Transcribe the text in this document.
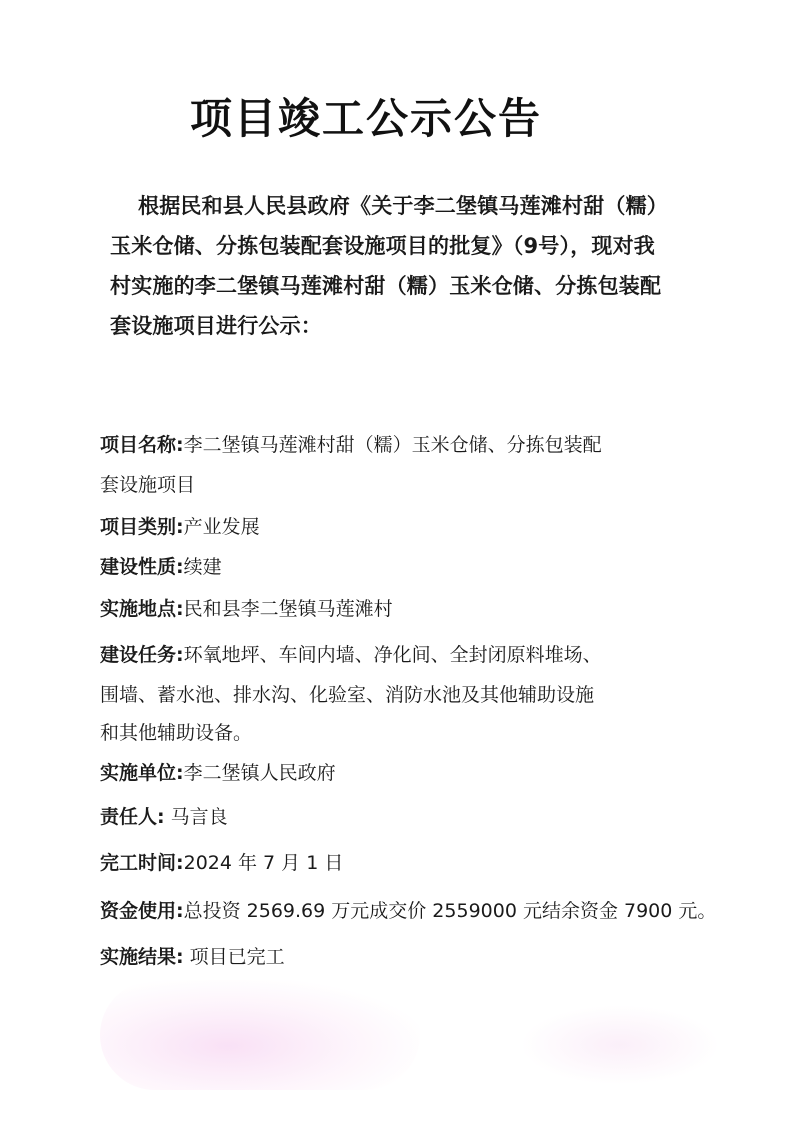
项目竣工公示公告
根据民和县人民县政府《关于李二堡镇马莲滩村甜（糯）
玉米仓储、分拣包装配套设施项目的批复》（9号），现对我
村实施的李二堡镇马莲滩村甜（糯）玉米仓储、分拣包装配
套设施项目进行公示：
项目名称:李二堡镇马莲滩村甜（糯）玉米仓储、分拣包装配
套设施项目
项目类别:产业发展
建设性质:续建
实施地点:民和县李二堡镇马莲滩村
建设任务:环氧地坪、车间内墙、净化间、全封闭原料堆场、
围墙、蓄水池、排水沟、化验室、消防水池及其他辅助设施
和其他辅助设备。
实施单位:李二堡镇人民政府
责任人: 马言良
完工时间:2024 年 7 月 1 日
资金使用:总投资 2569.69 万元成交价 2559000 元结余资金 7900 元。
实施结果: 项目已完工
